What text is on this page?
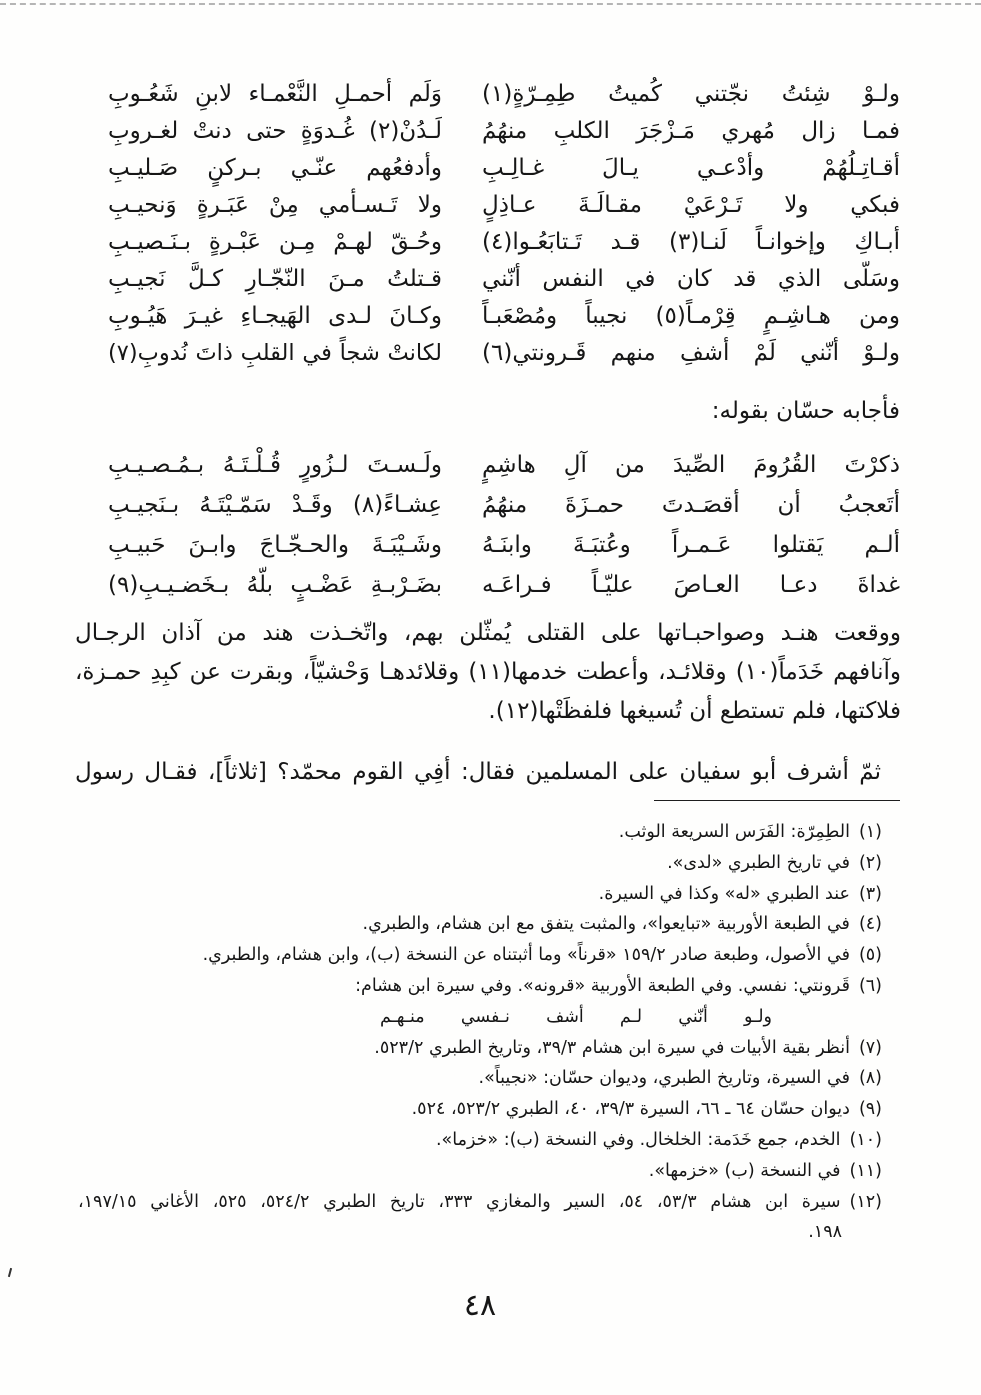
ولـوْ شِئتُ نجّتني كُميتُ طِمِـرّةٍ(١)
وَلَم أحمـلِ النَّعْمـاء لابنِ شَعُـوبِ
فمـا زال مُهري مَـزْجَرَ الكلبِ منهُمُ
لَـدُنْ(٢) غُـدوَةٍ حتى دنتْ لغـروبِ
أقـاتِـلُهُمْ وأدْعـي يـالَ غـالِـبِ
وأدفعُهم عنّـي بـركنٍ صَـليـبِ
فبكي ولا تَـرْعَيْ مقـالَـةَ عـاذِلٍ
ولا تَـسـأمي مِنْ عَبَـرةٍ وَنحيـبِ
أبـاكِ وإخوانـاً لَنـا(٣) قـد تَـتابَعُـوا(٤)
وحُـقّ لهـمْ مِـن عَبْـرةٍ بـنَـصيـبِ
وسَلّى الذي قد كان في النفس أنّني
قـتلتُ مـنَ النّجّـارِ كـلَّ نَجيـبِ
ومن هـاشِـمٍ قِرْمـاً(٥) نجيباً ومُصْعَبـاً
وكـانَ لـدى الهَيجـاءِ غيـرَ هَيُـوبِ
ولـوْ أنّني لَمْ أشفِ منهم قَـرونتي(٦)
لكانتْ شجاً في القلبِ ذاتَ نُدوبِ(٧)
فأجابه حسّان بقوله:
ذكرْتَ القُرُومَ الصِّيدَ من آلِ هاشِمٍ
ولَـسـتَ لـزُورٍ قُـلْـتَـهُ بـمُـصـيـبِ
أتَعجبُ أن أقصَـدتَ حمـزَةَ منهُمُ
عِشـاءً(٨) وقَـدْ سَمّـيْتَـهُ بـنَجيـبِ
ألـم يَقتلوا عَـمـراً وعُتبَـةَ وابنَـهُ
وشَـيْبَـةَ والحـجّـاجَ وابـنَ حَبيـبِ
غداةَ دعـا العـاصَ عليّـاً فـراعَـه
بضَـرْبـةِ عَضْـبٍ بلّهُ بـخَضـيـبِ(٩)
ووقعت هنـد وصواحبـاتها على القتلى يُمثّلن بهم، واتّخـذت هند من آذان الرجـال
وآنافهم خَدَماً(١٠) وقلائـد، وأعطت خدمها(١١) وقلائدهـا وَحْشيّاً، وبقرت عن كبِدِ حمـزة،
فلاكتها، فلم تستطع أن تُسيغها فلفظَتْها(١٢).
ثمّ أشرف أبو سفيان على المسلمين فقال: أفِي القوم محمّد؟ [ثلاثاً]، فقـال رسول
(١)الطِمِرّة: الفَرَس السريعة الوثب.
(٢)في تاريخ الطبري «لدى».
(٣)عند الطبري «له» وكذا في السيرة.
(٤)في الطبعة الأوربية «تبايعوا»، والمثبت يتفق مع ابن هشام، والطبري.
(٥)في الأصول، وطبعة صادر ١٥٩/٢ «قرناً» وما أثبتناه عن النسخة (ب)، وابن هشام، والطبري.
(٦)قَرونتي: نفسي. وفي الطبعة الأوربية «قرونه». وفي سيرة ابن هشام:
ولـو أنّني لـم أشف نـفسي منـهـم
(٧)أنظر بقية الأبيات في سيرة ابن هشام ٣٩/٣، وتاريخ الطبري ٥٢٣/٢.
(٨)في السيرة، وتاريخ الطبري، وديوان حسّان: «نجيباً».
(٩)ديوان حسّان ٦٤ ـ ٦٦، السيرة ٣٩/٣، ٤٠، الطبري ٥٢٣/٢، ٥٢٤.
(١٠)الخدم، جمع خَدَمة: الخلخال. وفي النسخة (ب): «خزما».
(١١)في النسخة (ب) «خزمها».
(١٢)سيرة ابن هشام ٥٣/٣، ٥٤، السير والمغازي ٣٣٣، تاريخ الطبري ٥٢٤/٢، ٥٢٥، الأغاني ١٩٧/١٥،
١٩٨.
٤٨
